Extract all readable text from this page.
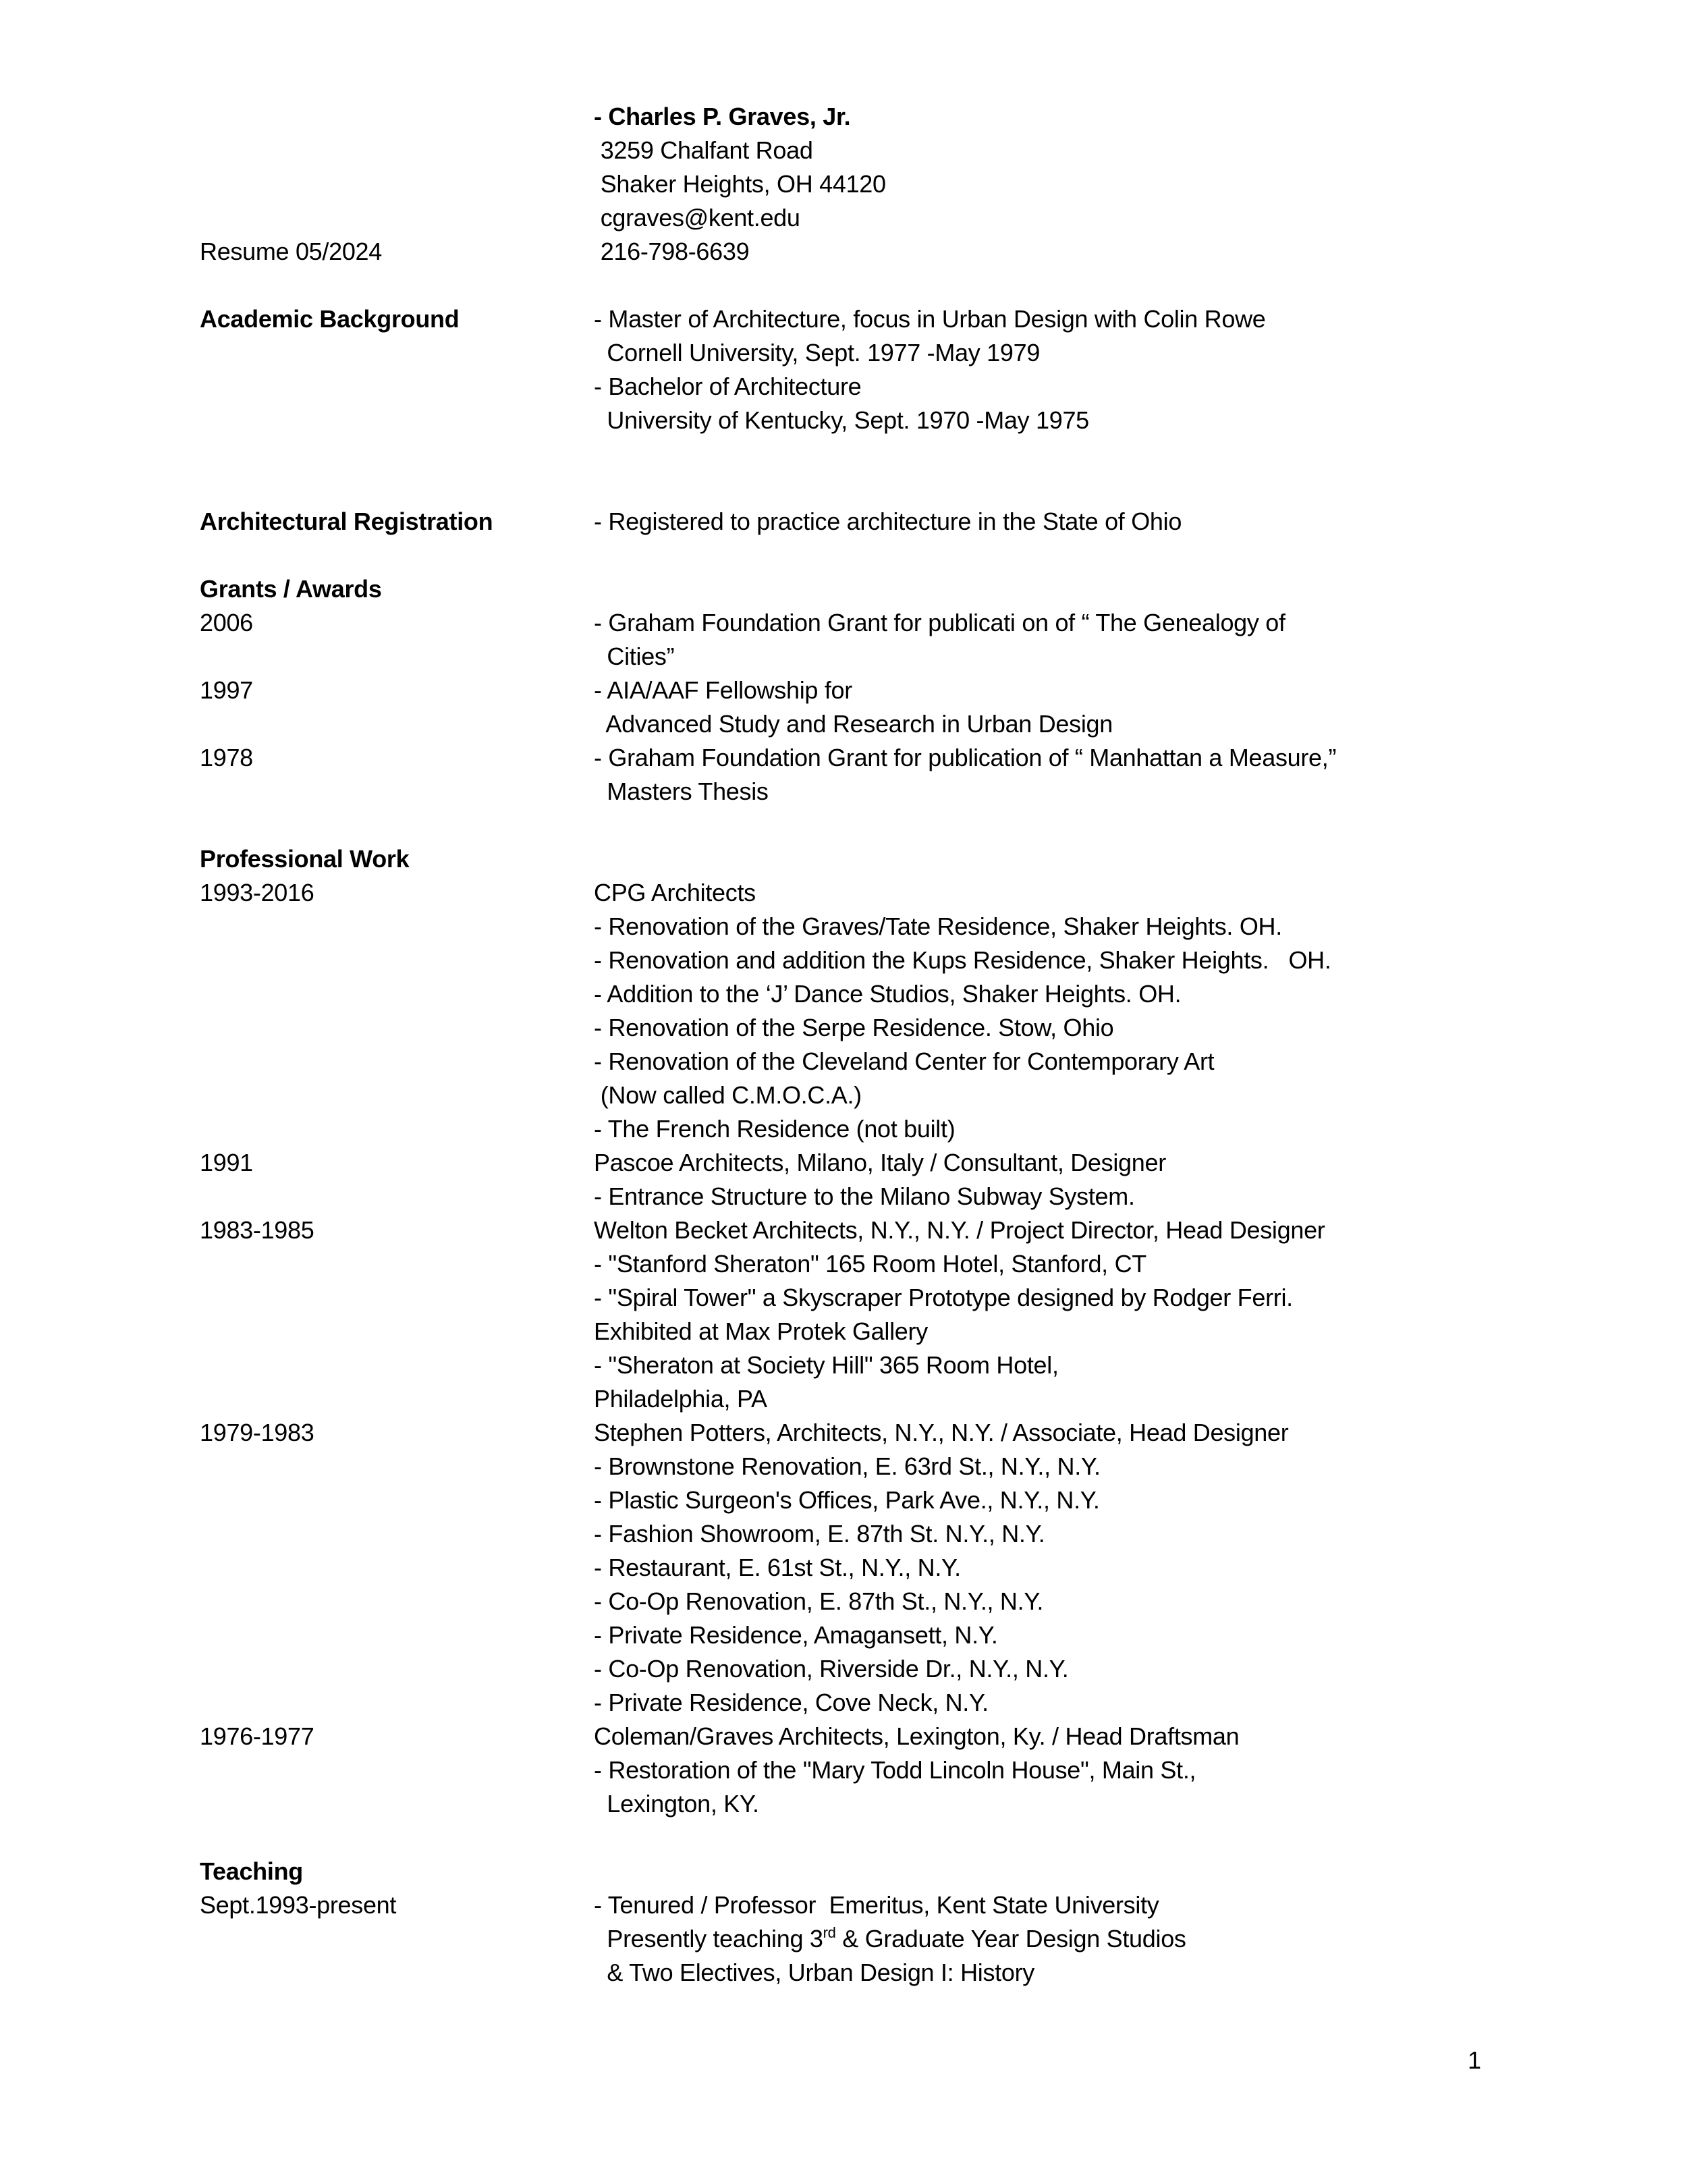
- Charles P. Graves, Jr.
3259 Chalfant Road
Shaker Heights, OH 44120
cgraves@kent.edu
Resume 05/2024	216-798-6639
Academic Background	- Master of Architecture, focus in Urban Design with Colin Rowe
Cornell University, Sept. 1977 -May 1979
- Bachelor of Architecture
University of Kentucky, Sept. 1970 -May 1975
Architectural Registration	- Registered to practice architecture in the State of Ohio
Grants / Awards
2006	- Graham Foundation Grant for publicati on of “ The Genealogy of
Cities”
1997	- AIA/AAF Fellowship for
Advanced Study and Research in Urban Design
1978	- Graham Foundation Grant for publication of “ Manhattan a Measure,”
Masters Thesis
Professional Work
1993-2016	CPG Architects
- Renovation of the Graves/Tate Residence, Shaker Heights. OH.
- Renovation and addition the Kups Residence, Shaker Heights.   OH.
- Addition to the ‘J’ Dance Studios, Shaker Heights. OH.
- Renovation of the Serpe Residence. Stow, Ohio
- Renovation of the Cleveland Center for Contemporary Art
(Now called C.M.O.C.A.)
- The French Residence (not built)
1991	Pascoe Architects, Milano, Italy / Consultant, Designer
- Entrance Structure to the Milano Subway System.
1983-1985	Welton Becket Architects, N.Y., N.Y. / Project Director, Head Designer
- "Stanford Sheraton" 165 Room Hotel, Stanford, CT
- "Spiral Tower" a Skyscraper Prototype designed by Rodger Ferri.
Exhibited at Max Protek Gallery
- "Sheraton at Society Hill" 365 Room Hotel,
Philadelphia, PA
1979-1983	Stephen Potters, Architects, N.Y., N.Y. / Associate, Head Designer
- Brownstone Renovation, E. 63rd St., N.Y., N.Y.
- Plastic Surgeon's Offices, Park Ave., N.Y., N.Y.
- Fashion Showroom, E. 87th St. N.Y., N.Y.
- Restaurant, E. 61st St., N.Y., N.Y.
- Co-Op Renovation, E. 87th St., N.Y., N.Y.
- Private Residence, Amagansett, N.Y.
- Co-Op Renovation, Riverside Dr., N.Y., N.Y.
- Private Residence, Cove Neck, N.Y.
1976-1977	Coleman/Graves Architects, Lexington, Ky. / Head Draftsman
- Restoration of the "Mary Todd Lincoln House", Main St.,
Lexington, KY.
Teaching
Sept.1993-present	- Tenured / Professor  Emeritus, Kent State University
Presently teaching 3rd & Graduate Year Design Studios
& Two Electives, Urban Design I: History
1
